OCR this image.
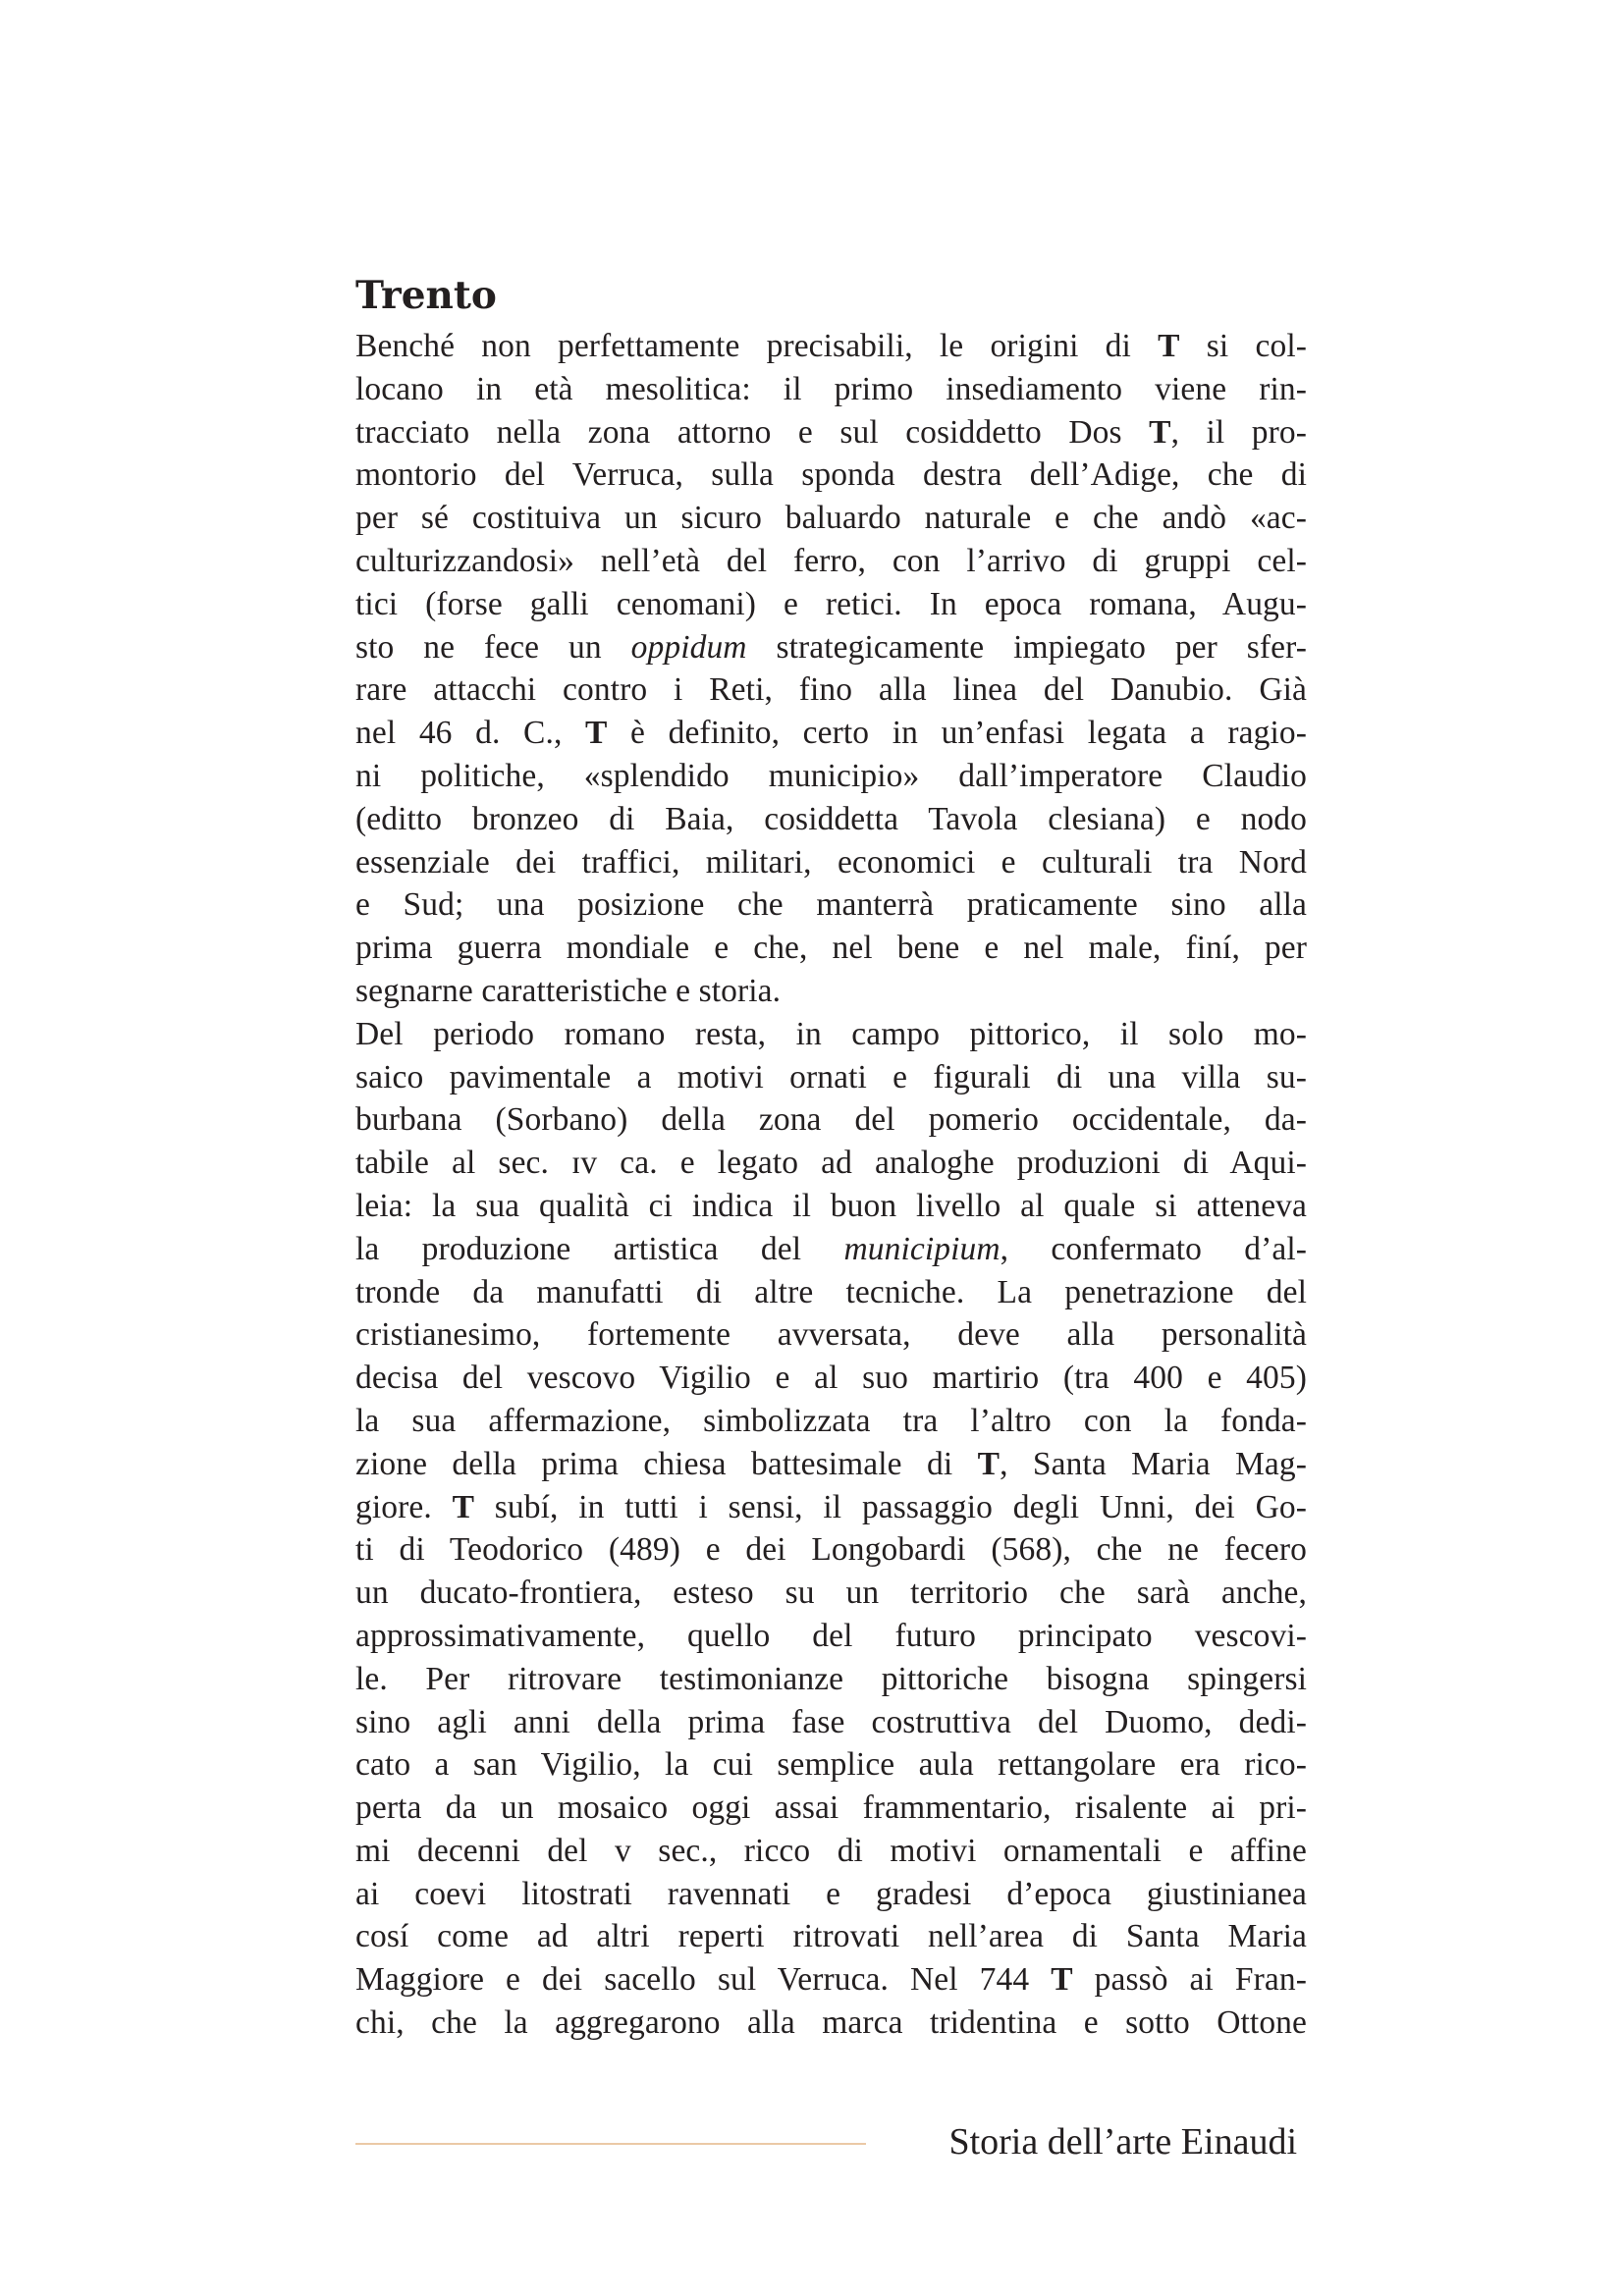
Trento
Benché non perfettamente precisabili, le origini di T si col-
locano in età mesolitica: il primo insediamento viene rin-
tracciato nella zona attorno e sul cosiddetto Dos T, il pro-
montorio del Verruca, sulla sponda destra dell’Adige, che di
per sé costituiva un sicuro baluardo naturale e che andò «ac-
culturizzandosi» nell’età del ferro, con l’arrivo di gruppi cel-
tici (forse galli cenomani) e retici. In epoca romana, Augu-
sto ne fece un oppidum strategicamente impiegato per sfer-
rare attacchi contro i Reti, fino alla linea del Danubio. Già
nel 46 d. C., T è definito, certo in un’enfasi legata a ragio-
ni politiche, «splendido municipio» dall’imperatore Claudio
(editto bronzeo di Baia, cosiddetta Tavola clesiana) e nodo
essenziale dei traffici, militari, economici e culturali tra Nord
e Sud; una posizione che manterrà praticamente sino alla
prima guerra mondiale e che, nel bene e nel male, finí, per
segnarne caratteristiche e storia.
Del periodo romano resta, in campo pittorico, il solo mo-
saico pavimentale a motivi ornati e figurali di una villa su-
burbana (Sorbano) della zona del pomerio occidentale, da-
tabile al sec. ɪᴠ ca. e legato ad analoghe produzioni di Aqui-
leia: la sua qualità ci indica il buon livello al quale si atteneva
la produzione artistica del municipium, confermato d’al-
tronde da manufatti di altre tecniche. La penetrazione del
cristianesimo, fortemente avversata, deve alla personalità
decisa del vescovo Vigilio e al suo martirio (tra 400 e 405)
la sua affermazione, simbolizzata tra l’altro con la fonda-
zione della prima chiesa battesimale di T, Santa Maria Mag-
giore. T subí, in tutti i sensi, il passaggio degli Unni, dei Go-
ti di Teodorico (489) e dei Longobardi (568), che ne fecero
un ducato-frontiera, esteso su un territorio che sarà anche,
approssimativamente, quello del futuro principato vescovi-
le. Per ritrovare testimonianze pittoriche bisogna spingersi
sino agli anni della prima fase costruttiva del Duomo, dedi-
cato a san Vigilio, la cui semplice aula rettangolare era rico-
perta da un mosaico oggi assai frammentario, risalente ai pri-
mi decenni del ᴠ sec., ricco di motivi ornamentali e affine
ai coevi litostrati ravennati e gradesi d’epoca giustinianea
cosí come ad altri reperti ritrovati nell’area di Santa Maria
Maggiore e dei sacello sul Verruca. Nel 744 T passò ai Fran-
chi, che la aggregarono alla marca tridentina e sotto Ottone
Storia dell’arte Einaudi
